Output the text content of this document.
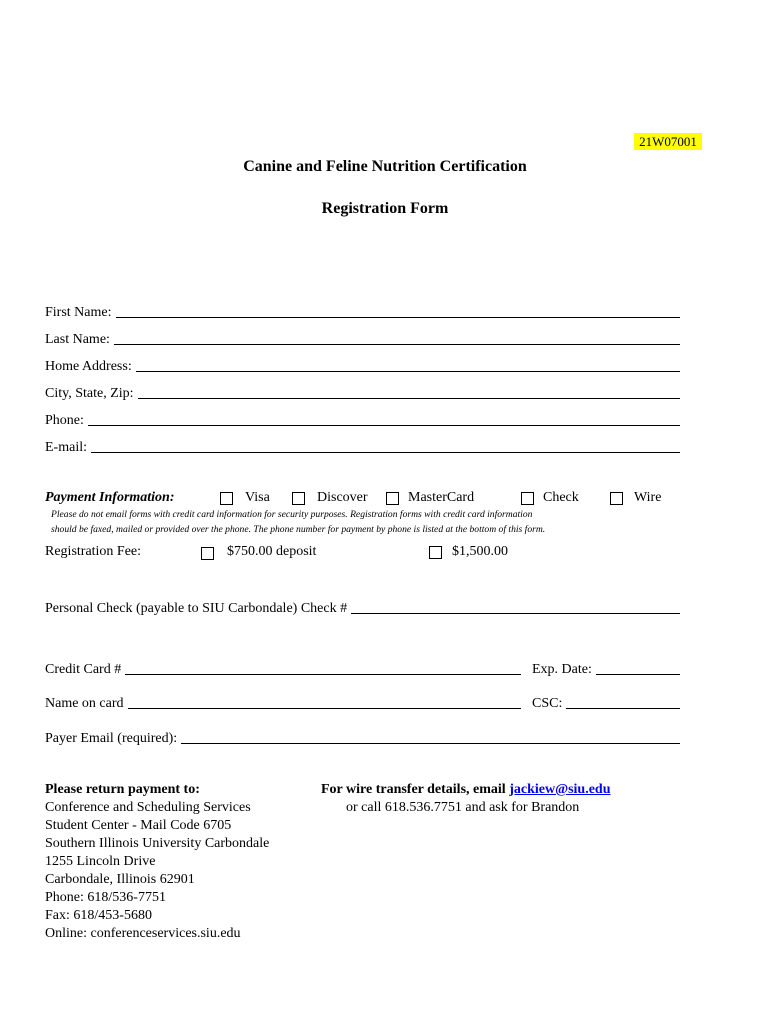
21W07001
Canine and Feline Nutrition Certification
Registration Form
First Name:
Last Name:
Home Address:
City, State, Zip:
Phone:
E-mail:
Payment Information:	Visa	Discover	MasterCard	Check	Wire
Please do not email forms with credit card information for security purposes. Registration forms with credit card information
should be faxed, mailed or provided over the phone. The phone number for payment by phone is listed at the bottom of this form.
Registration Fee:	$750.00 deposit	$1,500.00
Personal Check (payable to SIU Carbondale) Check #
Credit Card #	Exp. Date:
Name on card	CSC:
Payer Email (required):
Please return payment to:
Conference and Scheduling Services
Student Center - Mail Code 6705
Southern Illinois University Carbondale
1255 Lincoln Drive
Carbondale, Illinois 62901
Phone: 618/536-7751
Fax: 618/453-5680
Online: conferenceservices.siu.edu
For wire transfer details, email jackiew@siu.edu
or call 618.536.7751 and ask for Brandon
